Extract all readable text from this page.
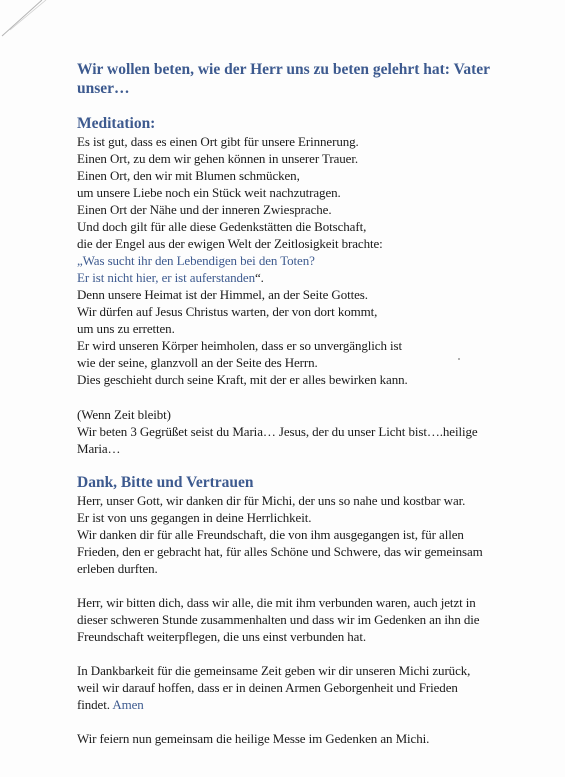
Wir wollen beten, wie der Herr uns zu beten gelehrt hat: Vater unser…
Meditation:
Es ist gut, dass es einen Ort gibt für unsere Erinnerung.
Einen Ort, zu dem wir gehen können in unserer Trauer.
Einen Ort, den wir mit Blumen schmücken,
um unsere Liebe noch ein Stück weit nachzutragen.
Einen Ort der Nähe und der inneren Zwiesprache.
Und doch gilt für alle diese Gedenkstätten die Botschaft,
die der Engel aus der ewigen Welt der Zeitlosigkeit brachte:
„Was sucht ihr den Lebendigen bei den Toten?
Er ist nicht hier, er ist auferstanden“.
Denn unsere Heimat ist der Himmel, an der Seite Gottes.
Wir dürfen auf Jesus Christus warten, der von dort kommt,
um uns zu erretten.
Er wird unseren Körper heimholen, dass er so unvergänglich ist
wie der seine, glanzvoll an der Seite des Herrn.
Dies geschieht durch seine Kraft, mit der er alles bewirken kann.
(Wenn Zeit bleibt)
Wir beten 3 Gegrüßet seist du Maria… Jesus, der du unser Licht bist….heilige
Maria…
Dank, Bitte und Vertrauen
Herr, unser Gott, wir danken dir für Michi, der uns so nahe und kostbar war.
Er ist von uns gegangen in deine Herrlichkeit.
Wir danken dir für alle Freundschaft, die von ihm ausgegangen ist, für allen
Frieden, den er gebracht hat, für alles Schöne und Schwere, das wir gemeinsam
erleben durften.
Herr, wir bitten dich, dass wir alle, die mit ihm verbunden waren, auch jetzt in
dieser schweren Stunde zusammenhalten und dass wir im Gedenken an ihn die
Freundschaft weiterpflegen, die uns einst verbunden hat.
In Dankbarkeit für die gemeinsame Zeit geben wir dir unseren Michi zurück,
weil wir darauf hoffen, dass er in deinen Armen Geborgenheit und Frieden
findet. Amen
Wir feiern nun gemeinsam die heilige Messe im Gedenken an Michi.
